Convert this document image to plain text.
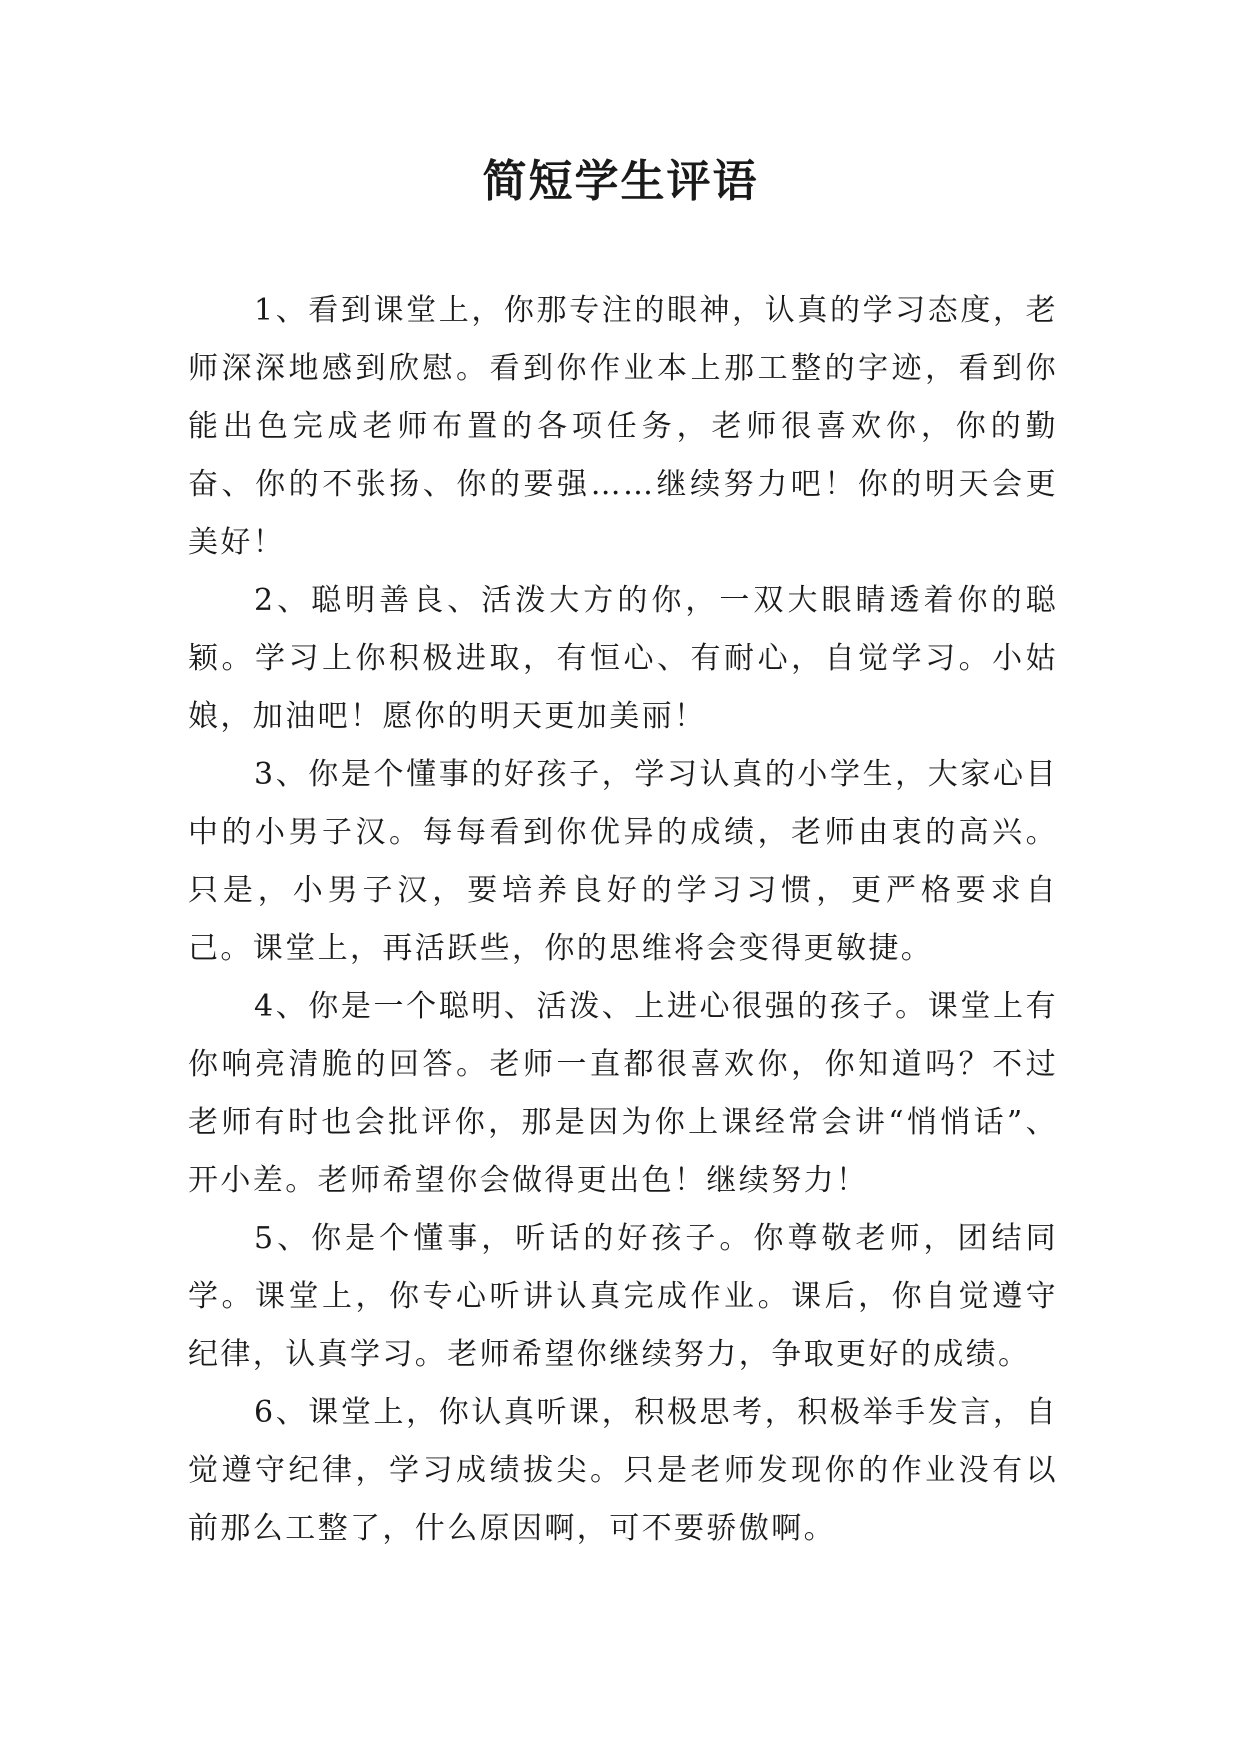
简短学生评语

1、看到课堂上，你那专注的眼神，认真的学习态度，老师深深地感到欣慰。看到你作业本上那工整的字迹，看到你能出色完成老师布置的各项任务，老师很喜欢你，你的勤奋、你的不张扬、你的要强……继续努力吧！你的明天会更美好！

2、聪明善良、活泼大方的你，一双大眼睛透着你的聪颖。学习上你积极进取，有恒心、有耐心，自觉学习。小姑娘，加油吧！愿你的明天更加美丽！

3、你是个懂事的好孩子，学习认真的小学生，大家心目中的小男子汉。每每看到你优异的成绩，老师由衷的高兴。只是，小男子汉，要培养良好的学习习惯，更严格要求自己。课堂上，再活跃些，你的思维将会变得更敏捷。

4、你是一个聪明、活泼、上进心很强的孩子。课堂上有你响亮清脆的回答。老师一直都很喜欢你，你知道吗？不过老师有时也会批评你，那是因为你上课经常会讲“悄悄话”、开小差。老师希望你会做得更出色！继续努力！

5、你是个懂事，听话的好孩子。你尊敬老师，团结同学。课堂上，你专心听讲认真完成作业。课后，你自觉遵守纪律，认真学习。老师希望你继续努力，争取更好的成绩。

6、课堂上，你认真听课，积极思考，积极举手发言，自觉遵守纪律，学习成绩拔尖。只是老师发现你的作业没有以前那么工整了，什么原因啊，可不要骄傲啊。
